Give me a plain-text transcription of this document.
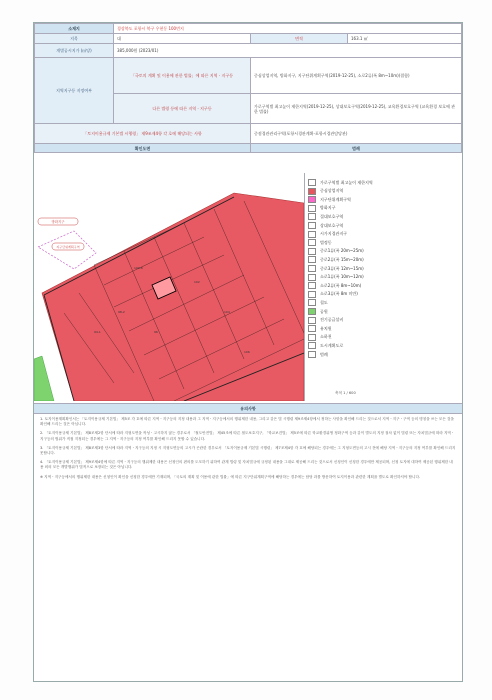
소재지	경상북도 포항시 북구 우현동 100번지		
지목	대	면적	163.1 ㎡
개별공시지가 (㎡당)	385,000원 (2023/01)		
지역지구등 지정여부	「국토의 계획 및 이용에 관한 법률」에 따른 지역ㆍ지구등	중심상업지역, 방화지구, 지구단위계획구역(2019-12-25), 소로2류(폭 8m~10m)(접함)	
	다른 법령 등에 따른 지역ㆍ지구등	가로구역별 최고높이 제한지역(2019-12-25), 상대보호구역(2019-12-25), 교육환경보호구역 (교육환경 보호에 관한 법률)	
「토지이용규제 기본법 시행령」 제9조제4항 각 호에 해당되는 사항		중점경관관리구역(포항시경관계획-포항시경관담당관)	
확인도면		범례	
100-8
102
98-2	104
96
94-1
106
방화지구
지구단위계획구역
가로구역별 최고높이 제한지역
중심상업지역
지구단위계획구역
방화지구
절대보호구역
상대보호구역
시가지경관지구
법정동
중로1류(폭 20m~25m)
중로2류(폭 15m~20m)
중로3류(폭 12m~15m)
소로1류(폭 10m~12m)
소로2류(폭 8m~10m)
소로3류(폭 8m 미만)
철도
공원
전기공급설비
유치원
소하천
도시계획도로
범례
축척 1 / 600
유의사항

1. 토지이용계획확인서는 「토지이용규제 기본법」 제5조 각 호에 따른 지역ㆍ지구등의 지정 내용과 그 지역ㆍ지구등에서의 행위제한 내용, 그리고 같은 법 시행령 제9조제4항에서 정하는 사항을 확인해 드리는 것으로서 지역ㆍ지구ㆍ구역 등의 명칭을 쓰는 모든 것을 확인해 드리는 것은 아닙니다.

2. 「토지이용규제 기본법」 제8조제2항 단서에 따라 지형도면을 작성ㆍ고시하지 않는 경우로서 「철도안전법」 제45조에 따른 철도보호지구, 「학교보건법」 제5조에 따른 학교환경위생 정화구역 등과 같이 별도의 지정 절차 없이 법령 또는 자치법규에 따라 지역ㆍ지구등의 범위가 직접 지정되는 경우에는 그 지역ㆍ지구등의 지정 여부를 확인해 드리지 못할 수 있습니다.

3. 「토지이용규제 기본법」 제8조제3항 단서에 따라 지역ㆍ지구등의 지정 시 지형도면등의 고시가 곤란한 경우로서 「토지이용규제 기본법 시행령」 제7조제4항 각 호에 해당되는 경우에는 그 지형도면등의 고시 전에 해당 지역ㆍ지구등의 지정 여부를 확인해 드리지 못합니다.

4. 「토지이용규제 기본법」 제9조제4항에 따른 지역ㆍ지구등의 행위제한 내용은 신청인의 편의를 도모하기 위하여 관계 법령 및 자치법규에 규정된 내용을 그대로 제공해 드리는 것으로서 신청인이 신청한 경우에만 제공되며, 신청 토지에 대하여 제공된 행위제한 내용 외의 모든 개발행위가 법적으로 보장되는 것은 아닙니다.

※ 지역ㆍ지구등에서의 행위제한 내용은 신청인이 확인을 신청한 경우에만 기재되며, 「국토의 계획 및 이용에 관한 법률」에 따른 지구단위계획구역에 해당하는 경우에는 담당 과를 방문하여 토지이용과 관련한 계획을 별도로 확인하셔야 합니다.
